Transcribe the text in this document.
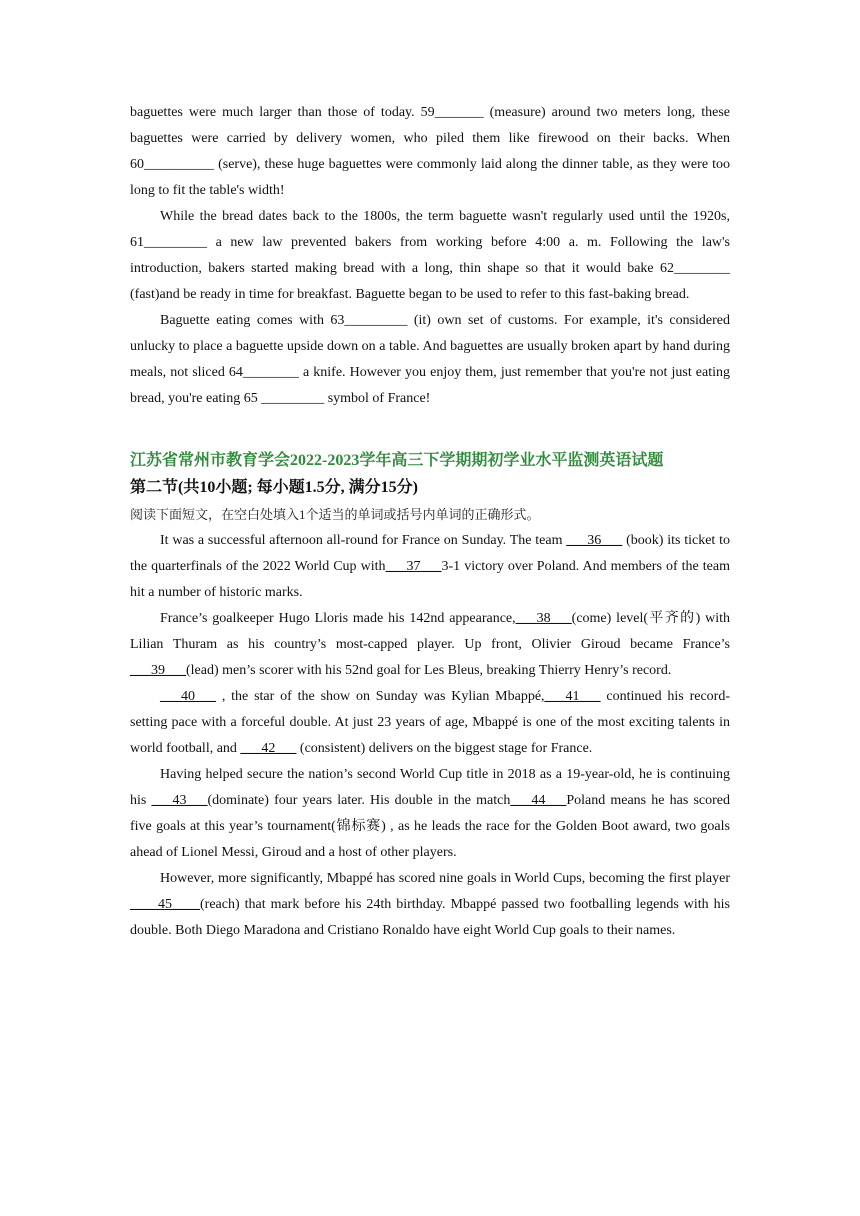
baguettes were much larger than those of today. 59_______ (measure) around two meters long, these baguettes were carried by delivery women, who piled them like firewood on their backs. When 60__________ (serve), these huge baguettes were commonly laid along the dinner table, as they were too long to fit the table's width!

While the bread dates back to the 1800s, the term baguette wasn't regularly used until the 1920s, 61_________ a new law prevented bakers from working before 4:00 a. m. Following the law's introduction, bakers started making bread with a long, thin shape so that it would bake 62________ (fast)and be ready in time for breakfast. Baguette began to be used to refer to this fast-baking bread.

Baguette eating comes with 63_________ (it) own set of customs. For example, it's considered unlucky to place a baguette upside down on a table. And baguettes are usually broken apart by hand during meals, not sliced 64________ a knife. However you enjoy them, just remember that you're not just eating bread, you're eating 65 _________ symbol of France!

江苏省常州市教育学会2022-2023学年高三下学期期初学业水平监测英语试题
第二节(共10小题; 每小题1.5分, 满分15分)
阅读下面短文，在空白处填入1个适当的单词或括号内单词的正确形式。

It was a successful afternoon all-round for France on Sunday. The team ___36___ (book) its ticket to the quarterfinals of the 2022 World Cup with___37___3-1 victory over Poland. And members of the team hit a number of historic marks.

France’s goalkeeper Hugo Lloris made his 142nd appearance,___38___(come) level(平齐的) with Lilian Thuram as his country’s most-capped player. Up front, Olivier Giroud became France’s ___39___(lead) men’s scorer with his 52nd goal for Les Bleus, breaking Thierry Henry’s record.

___40___ , the star of the show on Sunday was Kylian Mbappé,___41___ continued his record-setting pace with a forceful double. At just 23 years of age, Mbappé is one of the most exciting talents in world football, and ___42___ (consistent) delivers on the biggest stage for France.

Having helped secure the nation’s second World Cup title in 2018 as a 19-year-old, he is continuing his ___43___(dominate) four years later. His double in the match___44___Poland means he has scored five goals at this year’s tournament(锦标赛) , as he leads the race for the Golden Boot award, two goals ahead of Lionel Messi, Giroud and a host of other players.

However, more significantly, Mbappé has scored nine goals in World Cups, becoming the first player ____45____(reach) that mark before his 24th birthday. Mbappé passed two footballing legends with his double. Both Diego Maradona and Cristiano Ronaldo have eight World Cup goals to their names.
